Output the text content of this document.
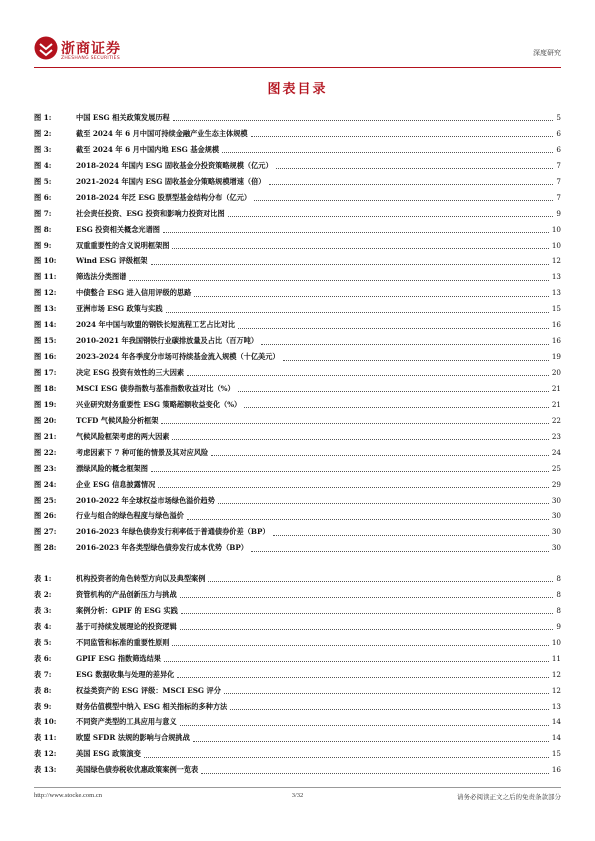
浙商证券
ZHESHANG SECURITIES
深度研究
图表目录
图 1:	中国 ESG 相关政策发展历程	5
图 2:	截至 2024 年 6 月中国可持续金融产业生态主体规模	6
图 3:	截至 2024 年 6 月中国内地 ESG 基金规模	6
图 4:	2018-2024 年国内 ESG 固收基金分投资策略规模（亿元）	7
图 5:	2021-2024 年国内 ESG 固收基金分策略规模增速（倍）	7
图 6:	2018-2024 年泛 ESG 股票型基金结构分布（亿元）	7
图 7:	社会责任投资、ESG 投资和影响力投资对比图	9
图 8:	ESG 投资相关概念光谱图	10
图 9:	双重重要性的含义说明框架图	10
图 10:	Wind ESG 评级框架	12
图 11:	筛选法分类图谱	13
图 12:	中债整合 ESG 进入信用评级的思路	13
图 13:	亚洲市场 ESG 政策与实践	15
图 14:	2024 年中国与欧盟的钢铁长短流程工艺占比对比	16
图 15:	2010-2021 年我国钢铁行业碳排放量及占比（百万吨）	16
图 16:	2023-2024 年各季度分市场可持续基金流入规模（十亿美元）	19
图 17:	决定 ESG 投资有效性的三大因素	20
图 18:	MSCI ESG 债券指数与基准指数收益对比（%）	21
图 19:	兴业研究财务重要性 ESG 策略超额收益变化（%）	21
图 20:	TCFD 气候风险分析框架	22
图 21:	气候风险框架考虑的两大因素	23
图 22:	考虑因素下 7 种可能的情景及其对应风险	24
图 23:	漂绿风险的概念框架图	25
图 24:	企业 ESG 信息披露情况	29
图 25:	2010-2022 年全球权益市场绿色溢价趋势	30
图 26:	行业与组合的绿色程度与绿色溢价	30
图 27:	2016-2023 年绿色债券发行利率低于普通债券价差（BP）	30
图 28:	2016-2023 年各类型绿色债券发行成本优势（BP）	30
表 1:	机构投资者的角色转型方向以及典型案例	8
表 2:	资管机构的产品创新压力与挑战	8
表 3:	案例分析：GPIF 的 ESG 实践	8
表 4:	基于可持续发展理论的投资逻辑	9
表 5:	不同监管和标准的重要性原则	10
表 6:	GPIF ESG 指数筛选结果	11
表 7:	ESG 数据收集与处理的差异化	12
表 8:	权益类资产的 ESG 评级：MSCI ESG 评分	12
表 9:	财务估值模型中纳入 ESG 相关指标的多种方法	13
表 10:	不同资产类型的工具应用与意义	14
表 11:	欧盟 SFDR 法规的影响与合规挑战	14
表 12:	美国 ESG 政策演变	15
表 13:	美国绿色债券税收优惠政策案例一览表	16
http://www.stocke.com.cn	3/32	请务必阅读正文之后的免责条款部分
